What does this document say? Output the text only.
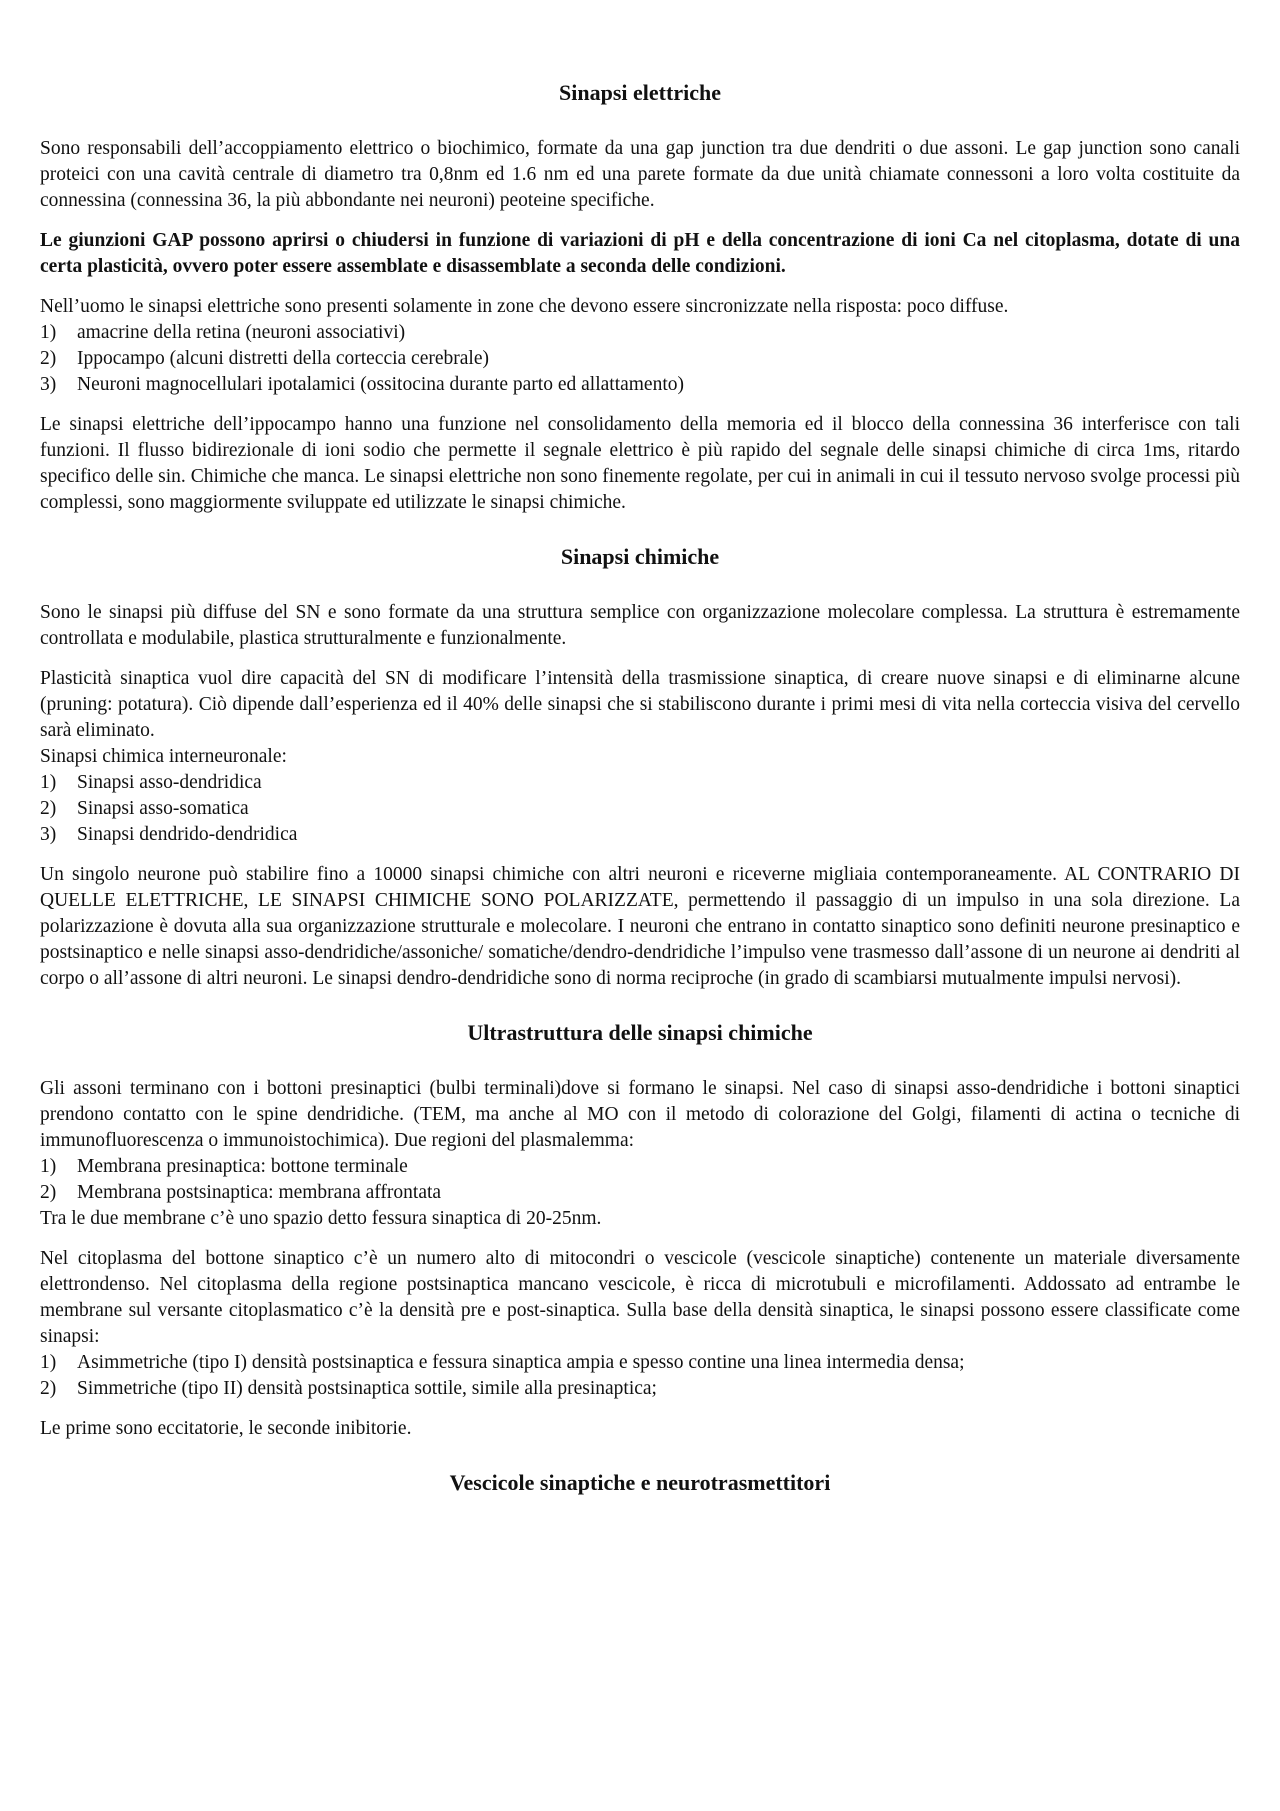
Sinapsi elettriche

Sono responsabili dell’accoppiamento elettrico o biochimico, formate da una gap junction tra due dendriti o due assoni. Le gap junction sono canali proteici con una cavità centrale di diametro tra 0,8nm ed 1.6 nm ed una parete formate da due unità chiamate connessoni a loro volta costituite da connessina (connessina 36, la più abbondante nei neuroni) peoteine specifiche.

Le giunzioni GAP possono aprirsi o chiudersi in funzione di variazioni di pH e della concentrazione di ioni Ca nel citoplasma, dotate di una certa plasticità, ovvero poter essere assemblate e disassemblate a seconda delle condizioni.

Nell’uomo le sinapsi elettriche sono presenti solamente in zone che devono essere sincronizzate nella risposta: poco diffuse.

1) amacrine della retina (neuroni associativi)
2) Ippocampo (alcuni distretti della corteccia cerebrale)
3) Neuroni magnocellulari ipotalamici (ossitocina durante parto ed allattamento)

Le sinapsi elettriche dell’ippocampo hanno una funzione nel consolidamento della memoria ed il blocco della connessina 36 interferisce con tali funzioni. Il flusso bidirezionale di ioni sodio che permette il segnale elettrico è più rapido del segnale delle sinapsi chimiche di circa 1ms, ritardo specifico delle sin. Chimiche che manca. Le sinapsi elettriche non sono finemente regolate, per cui in animali in cui il tessuto nervoso svolge processi più complessi, sono maggiormente sviluppate ed utilizzate le sinapsi chimiche.

Sinapsi chimiche

Sono le sinapsi più diffuse del SN e sono formate da una struttura semplice con organizzazione molecolare complessa. La struttura è estremamente controllata e modulabile, plastica strutturalmente e funzionalmente.

Plasticità sinaptica vuol dire capacità del SN di modificare l’intensità della trasmissione sinaptica, di creare nuove sinapsi e di eliminarne alcune (pruning: potatura). Ciò dipende dall’esperienza ed il 40% delle sinapsi che si stabiliscono durante i primi mesi di vita nella corteccia visiva del cervello sarà eliminato.

Sinapsi chimica interneuronale:

1) Sinapsi asso-dendridica
2) Sinapsi asso-somatica
3) Sinapsi dendrido-dendridica

Un singolo neurone può stabilire fino a 10000 sinapsi chimiche con altri neuroni e riceverne migliaia contemporaneamente. AL CONTRARIO DI QUELLE ELETTRICHE, LE SINAPSI CHIMICHE SONO POLARIZZATE, permettendo il passaggio di un impulso in una sola direzione. La polarizzazione è dovuta alla sua organizzazione strutturale e molecolare. I neuroni che entrano in contatto sinaptico sono definiti neurone presinaptico e postsinaptico e nelle sinapsi asso-dendridiche/assoniche/ somatiche/dendro-dendridiche l’impulso vene trasmesso dall’assone di un neurone ai dendriti al corpo o all’assone di altri neuroni. Le sinapsi dendro-dendridiche sono di norma reciproche (in grado di scambiarsi mutualmente impulsi nervosi).

Ultrastruttura delle sinapsi chimiche

Gli assoni terminano con i bottoni presinaptici (bulbi terminali)dove si formano le sinapsi. Nel caso di sinapsi asso-dendridiche i bottoni sinaptici prendono contatto con le spine dendridiche. (TEM, ma anche al MO con il metodo di colorazione del Golgi, filamenti di actina o tecniche di immunofluorescenza o immunoistochimica). Due regioni del plasmalemma:

1) Membrana presinaptica: bottone terminale
2) Membrana postsinaptica: membrana affrontata

Tra le due membrane c’è uno spazio detto fessura sinaptica di 20-25nm.

Nel citoplasma del bottone sinaptico c’è un numero alto di mitocondri o vescicole (vescicole sinaptiche) contenente un materiale diversamente elettrondenso. Nel citoplasma della regione postsinaptica mancano vescicole, è ricca di microtubuli e microfilamenti. Addossato ad entrambe le membrane sul versante citoplasmatico c’è la densità pre e post-sinaptica. Sulla base della densità sinaptica, le sinapsi possono essere classificate come sinapsi:

1) Asimmetriche (tipo I) densità postsinaptica e fessura sinaptica ampia e spesso contine una linea intermedia densa;
2) Simmetriche (tipo II) densità postsinaptica sottile, simile alla presinaptica;

Le prime sono eccitatorie, le seconde inibitorie.

Vescicole sinaptiche e neurotrasmettitori
